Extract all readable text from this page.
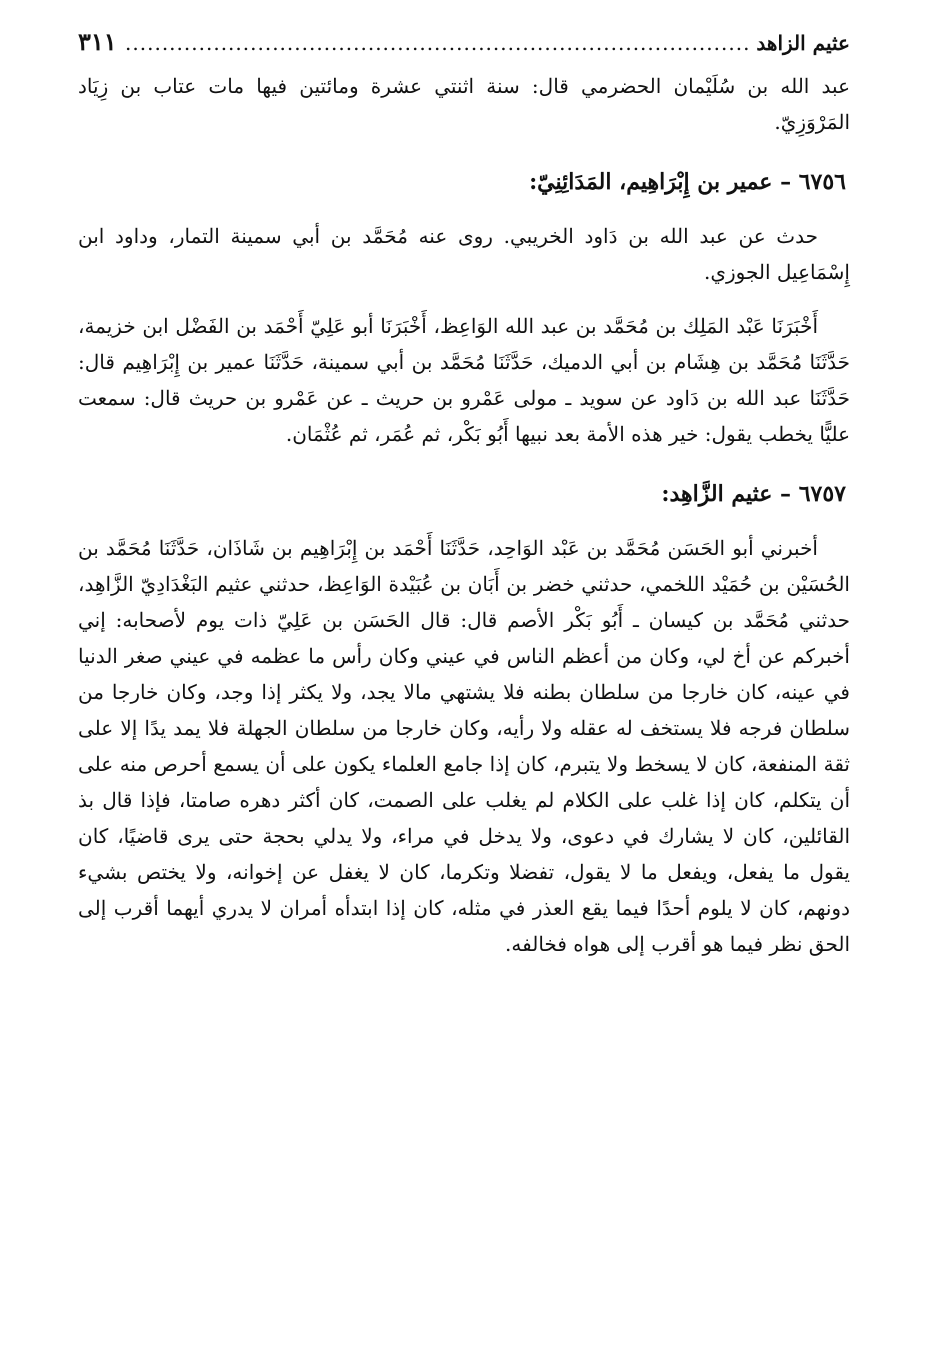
عثيم الزاهد
.....
٣١١

عبد الله بن سُلَيْمان الحضرمي قال: سنة اثنتي عشرة ومائتين فيها مات عتاب بن زِيَاد المَرْوَزِيّ.

٦٧٥٦ – عمير بن إِبْرَاهِيم، المَدَائِنِيّ:

حدث عن عبد الله بن دَاود الخريبي. روى عنه مُحَمَّد بن أبي سمينة التمار، وداود ابن إِسْمَاعِيل الجوزي.

أَخْبَرَنَا عَبْد المَلِك بن مُحَمَّد بن عبد الله الوَاعِظ، أَخْبَرَنَا أبو عَلِيّ أَحْمَد بن الفَضْل ابن خزيمة، حَدَّثَنَا مُحَمَّد بن هِشَام بن أبي الدميك، حَدَّثَنَا مُحَمَّد بن أبي سمينة، حَدَّثَنَا عمير بن إِبْرَاهِيم قال: حَدَّثَنَا عبد الله بن دَاود عن سويد ـ مولى عَمْرو بن حريث ـ عن عَمْرو بن حريث قال: سمعت عليًّا يخطب يقول: خير هذه الأمة بعد نبيها أَبُو بَكْر، ثم عُمَر، ثم عُثْمَان.

٦٧٥٧ – عثيم الزَّاهِد:

أخبرني أبو الحَسَن مُحَمَّد بن عَبْد الوَاحِد، حَدَّثَنَا أَحْمَد بن إِبْرَاهِيم بن شَاذَان، حَدَّثَنَا مُحَمَّد بن الحُسَيْن بن حُمَيْد اللخمي، حدثني خضر بن أَبَان بن عُبَيْدة الوَاعِظ، حدثني عثيم البَغْدَادِيّ الزَّاهِد، حدثني مُحَمَّد بن كيسان ـ أَبُو بَكْر الأصم قال: قال الحَسَن بن عَلِيّ ذات يوم لأصحابه: إني أخبركم عن أخ لي، وكان من أعظم الناس في عيني وكان رأس ما عظمه في عيني صغر الدنيا في عينه، كان خارجا من سلطان بطنه فلا يشتهي مالا يجد، ولا يكثر إذا وجد، وكان خارجا من سلطان فرجه فلا يستخف له عقله ولا رأيه، وكان خارجا من سلطان الجهلة فلا يمد يدًا إلا على ثقة المنفعة، كان لا يسخط ولا يتبرم، كان إذا جامع العلماء يكون على أن يسمع أحرص منه على أن يتكلم، كان إذا غلب على الكلام لم يغلب على الصمت، كان أكثر دهره صامتا، فإذا قال بذ القائلين، كان لا يشارك في دعوى، ولا يدخل في مراء، ولا يدلي بحجة حتى يرى قاضيًا، كان يقول ما يفعل، ويفعل ما لا يقول، تفضلا وتكرما، كان لا يغفل عن إخوانه، ولا يختص بشيء دونهم، كان لا يلوم أحدًا فيما يقع العذر في مثله، كان إذا ابتدأه أمران لا يدري أيهما أقرب إلى الحق نظر فيما هو أقرب إلى هواه فخالفه.
